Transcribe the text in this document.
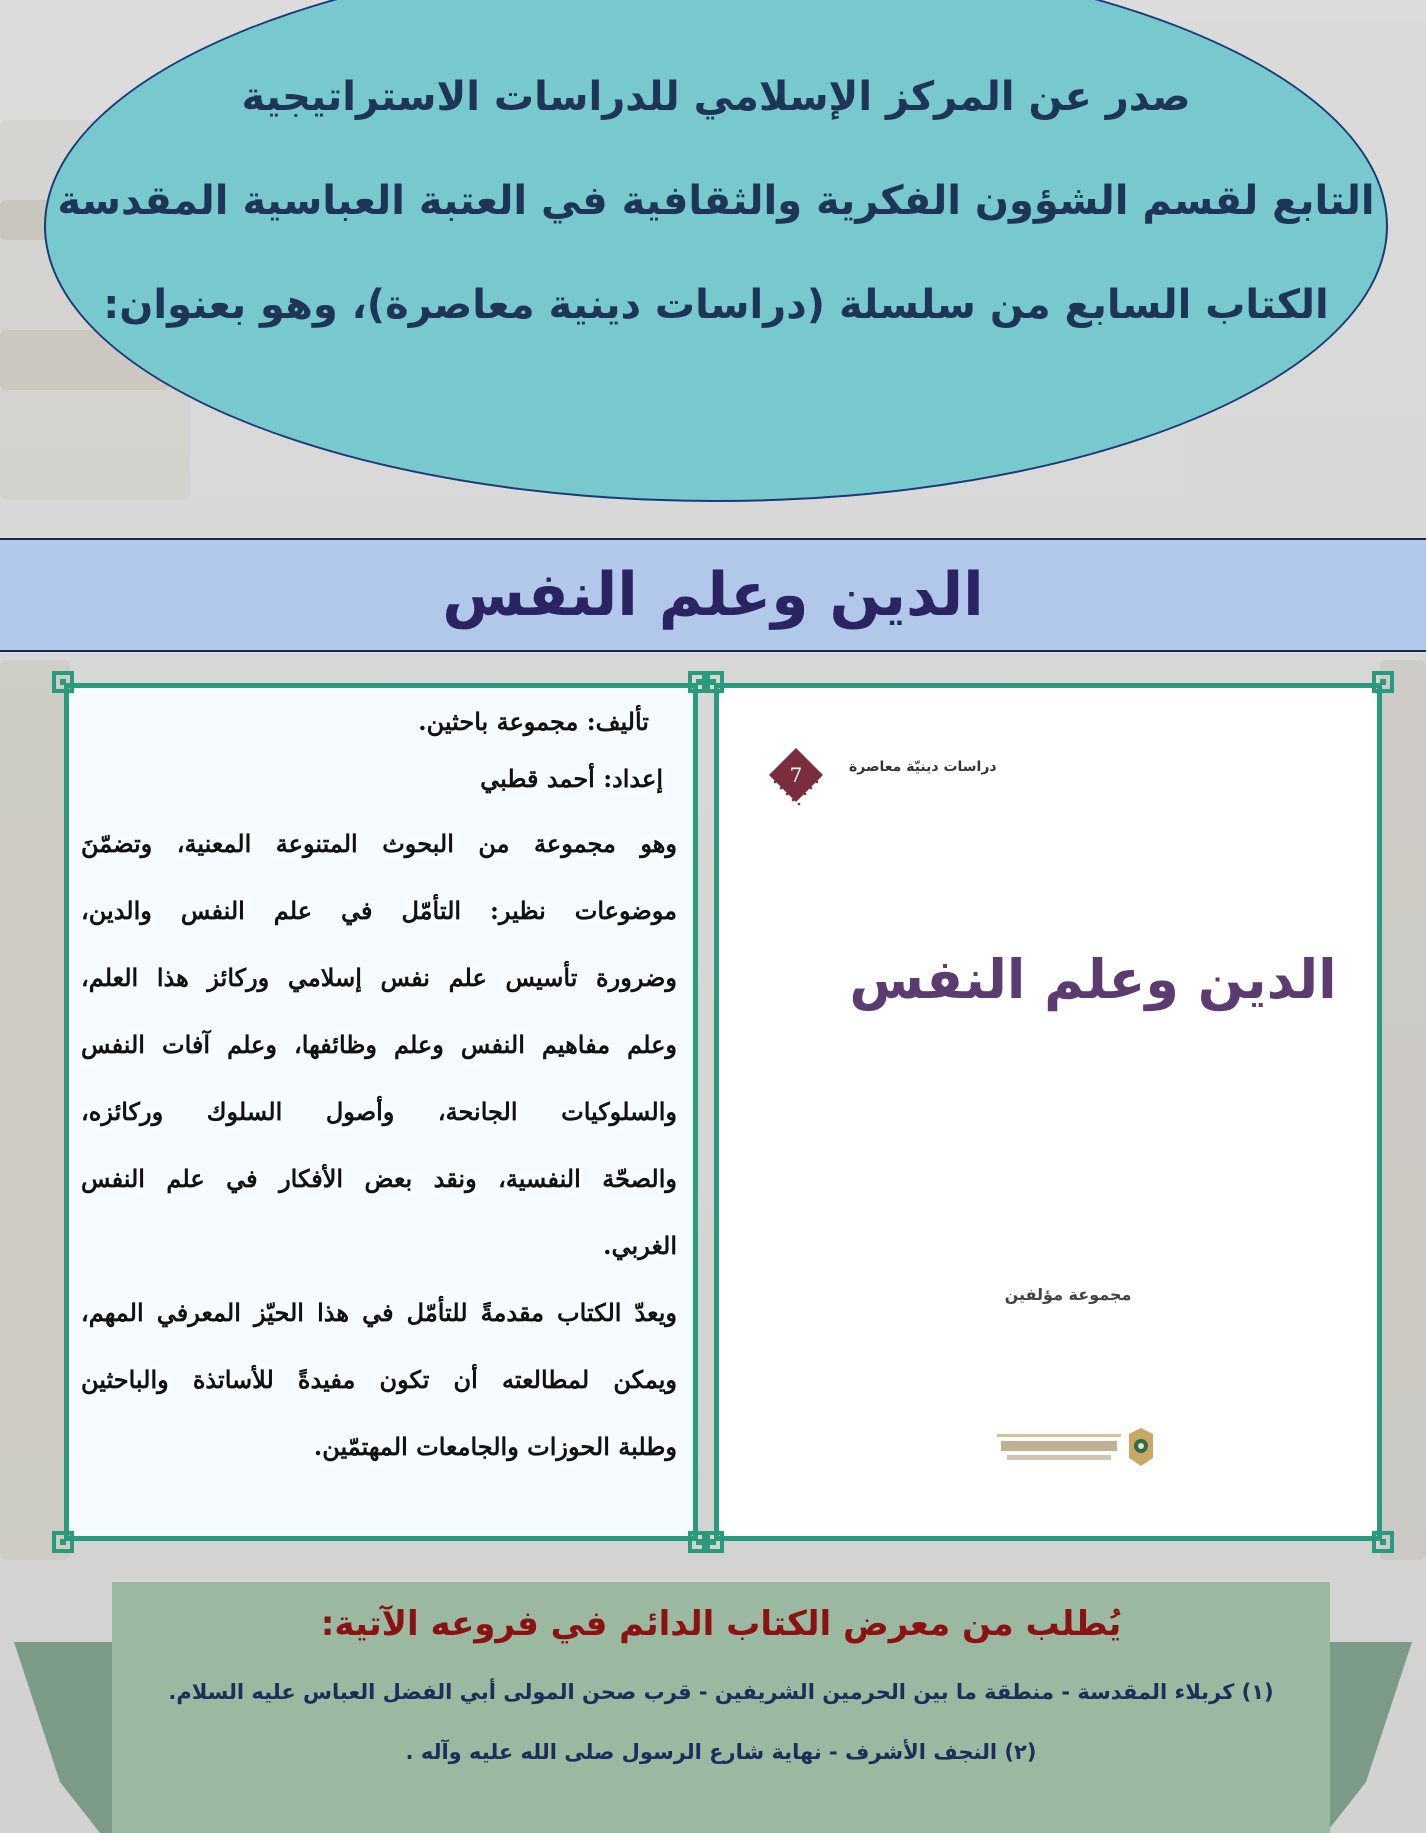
صدر عن المركز الإسلامي للدراسات الاستراتيجية
التابع لقسم الشؤون الفكرية والثقافية في العتبة العباسية المقدسة
الكتاب السابع من سلسلة (دراسات دينية معاصرة)، وهو بعنوان:
الدين وعلم النفس

تأليف: مجموعة باحثين.

إعداد: أحمد قطبي

وهو مجموعة من البحوث المتنوعة المعنية، وتضمّنَ

موضوعات نظير: التأمّل في علم النفس والدين،

وضرورة تأسيس علم نفس إسلامي وركائز هذا العلم،

وعلم مفاهيم النفس وعلم وظائفها، وعلم آفات النفس

والسلوكيات الجانحة، وأصول السلوك وركائزه،

والصحّة النفسية، ونقد بعض الأفكار في علم النفس

الغربي.

ويعدّ الكتاب مقدمةً للتأمّل في هذا الحيّز المعرفي المهم،

ويمكن لمطالعته أن تكون مفيدةً للأساتذة والباحثين

وطلبة الحوزات والجامعات المهتمّين.

7	دراسات دينيّة معاصرة
الدين وعلم النفس
مجموعة مؤلفين
يُطلب من معرض الكتاب الدائم في فروعه الآتية:
(١) كربلاء المقدسة - منطقة ما بين الحرمين الشريفين - قرب صحن المولى أبي الفضل العباس عليه السلام.
(٢) النجف الأشرف - نهاية شارع الرسول صلى الله عليه وآله .
